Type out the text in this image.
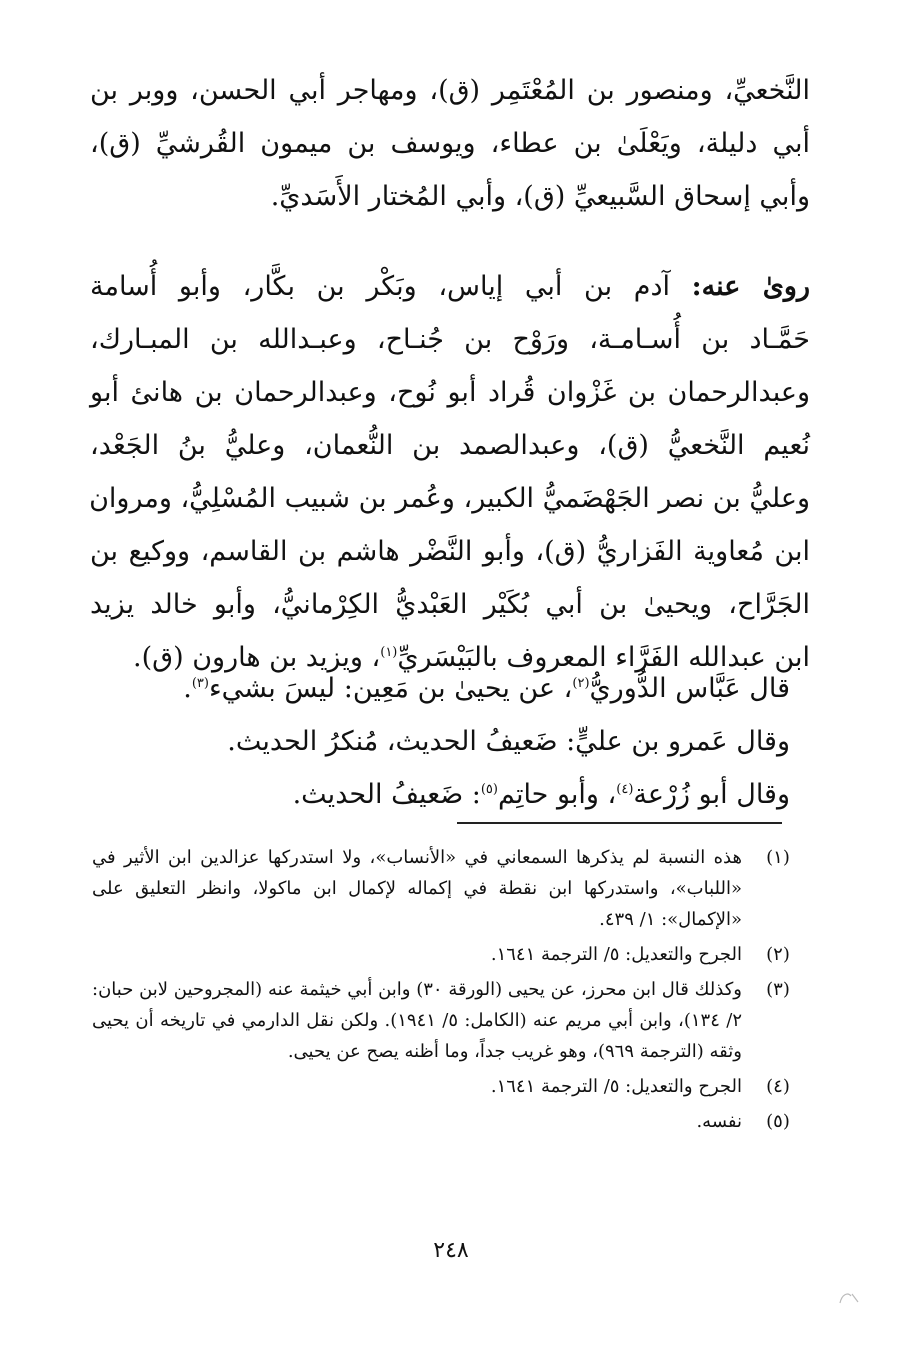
النَّخعيِّ، ومنصور بن المُعْتَمِر (ق)، ومهاجر أبي الحسن، ووبر بن
أبي دليلة، ويَعْلَىٰ بن عطاء، ويوسف بن ميمون القُرشيِّ (ق)،
وأبي إسحاق السَّبيعيِّ (ق)، وأبي المُختار الأَسَديِّ.
روىٰ عنه: آدم بن أبي إياس، وبَكْر بن بكَّار، وأبو أُسامة
حَمَّـاد بن أُسـامـة، ورَوْح بن جُنـاح، وعبـدالله بن المبـارك،
وعبدالرحمان بن غَزْوان قُراد أبو نُوح، وعبدالرحمان بن هانئ أبو
نُعيم النَّخعيُّ (ق)، وعبدالصمد بن النُّعمان، وعليُّ بنُ الجَعْد،
وعليُّ بن نصر الجَهْضَميُّ الكبير، وعُمر بن شبيب المُسْلِيُّ، ومروان
ابن مُعاوية الفَزاريُّ (ق)، وأبو النَّضْر هاشم بن القاسم، ووكيع بن
الجَرَّاح، ويحيىٰ بن أبي بُكَيْر العَبْديُّ الكِرْمانيُّ، وأبو خالد يزيد
ابن عبدالله الفَرَّاء المعروف بالبَيْسَريِّ$^{(١)}$، ويزيد بن هارون (ق).
قال عَبَّاس الدُّوريُّ$^{(٢)}$، عن يحيىٰ بن مَعِين: ليسَ بشيء$^{(٣)}$.
وقال عَمرو بن عليٍّ: ضَعيفُ الحديث، مُنكرُ الحديث.
وقال أبو زُرْعة$^{(٤)}$، وأبو حاتِم$^{(٥)}$: ضَعيفُ الحديث.
(١)
هذه النسبة لم يذكرها السمعاني في «الأنساب»، ولا استدركها عزالدين ابن الأثير في «اللباب»، واستدركها ابن نقطة في إكماله لإكمال ابن ماكولا، وانظر التعليق على «الإكمال»: ١/ ٤٣٩.
(٢)
الجرح والتعديل: ٥/ الترجمة ١٦٤١.
(٣)
وكذلك قال ابن محرز، عن يحيى (الورقة ٣٠) وابن أبي خيثمة عنه (المجروحين لابن حبان: ٢/ ١٣٤)، وابن أبي مريم عنه (الكامل: ٥/ ١٩٤١). ولكن نقل الدارمي في تاريخه أن يحيى وثقه (الترجمة ٩٦٩)، وهو غريب جداً، وما أظنه يصح عن يحيى.
(٤)
الجرح والتعديل: ٥/ الترجمة ١٦٤١.
(٥)
نفسه.
٢٤٨
